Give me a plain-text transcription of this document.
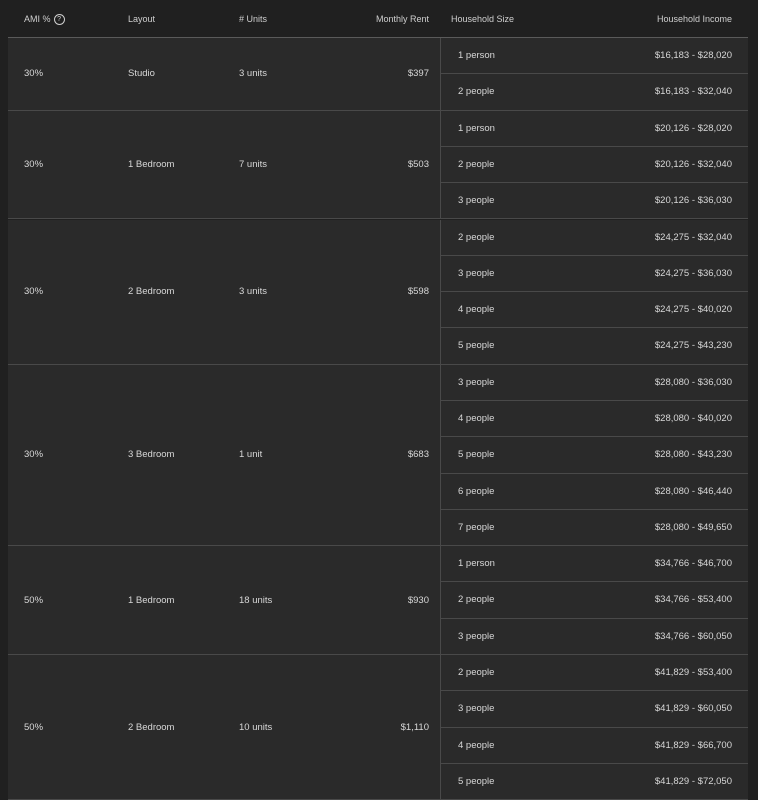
AMI % ?	Layout	# Units	Monthly Rent Household Size	Household Income
30%	Studio	3 units	$397
1 person	$16,183 - $28,020
2 people	$16,183 - $32,040
30%	1 Bedroom	7 units	$503
1 person	$20,126 - $28,020
2 people	$20,126 - $32,040
3 people	$20,126 - $36,030
30%	2 Bedroom	3 units	$598
2 people	$24,275 - $32,040
3 people	$24,275 - $36,030
4 people	$24,275 - $40,020
5 people	$24,275 - $43,230
30%	3 Bedroom	1 unit	$683
3 people	$28,080 - $36,030
4 people	$28,080 - $40,020
5 people	$28,080 - $43,230
6 people	$28,080 - $46,440
7 people	$28,080 - $49,650
50%	1 Bedroom	18 units	$930
1 person	$34,766 - $46,700
2 people	$34,766 - $53,400
3 people	$34,766 - $60,050
50%	2 Bedroom	10 units	$1,110
2 people	$41,829 - $53,400
3 people	$41,829 - $60,050
4 people	$41,829 - $66,700
5 people	$41,829 - $72,050
